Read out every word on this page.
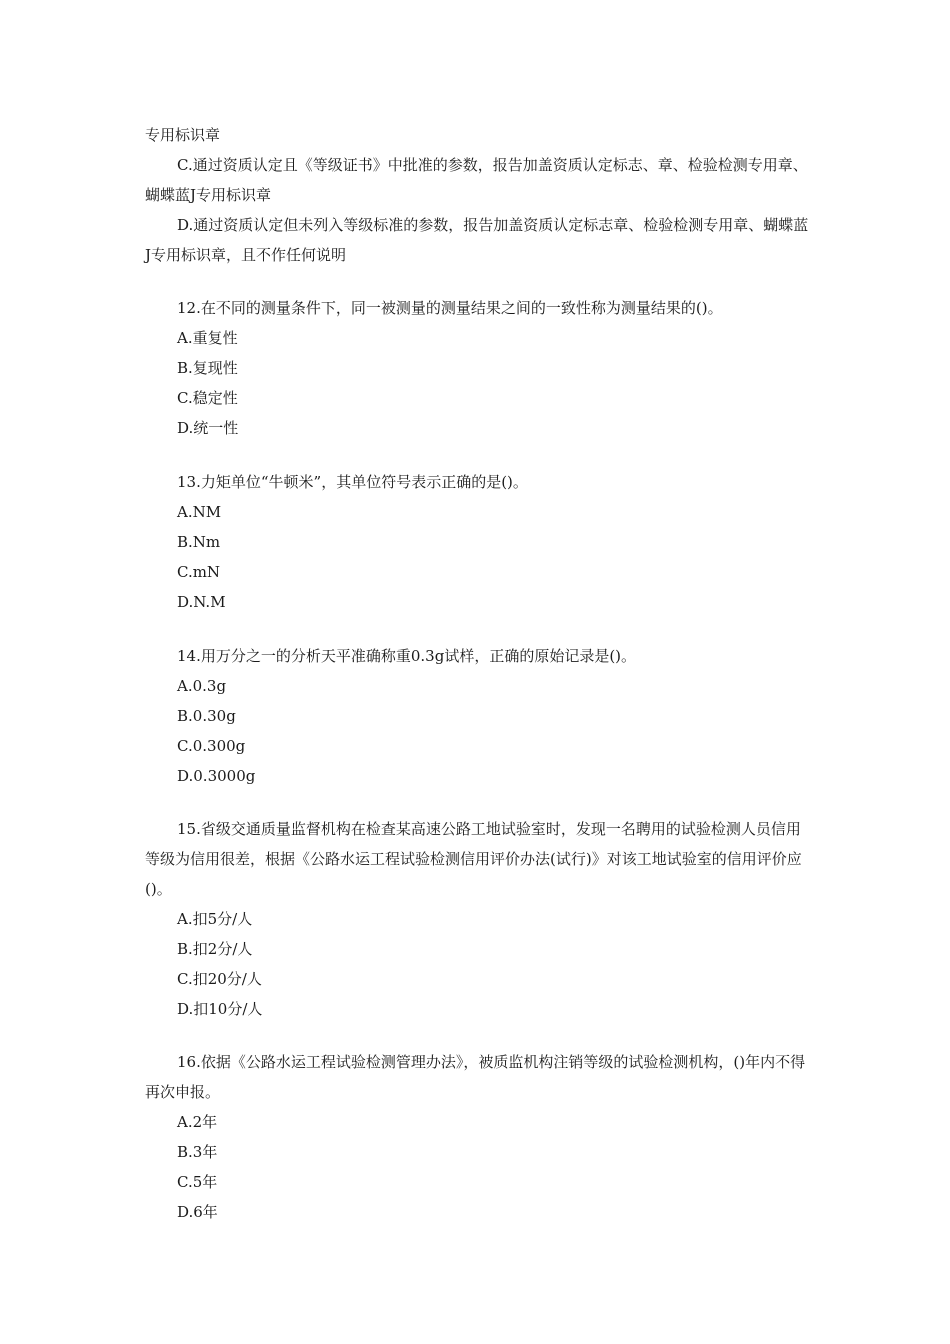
专用标识章

C.通过资质认定且《等级证书》中批准的参数，报告加盖资质认定标志、章、检验检测专用章、蝴蝶蓝J专用标识章

D.通过资质认定但未列入等级标准的参数，报告加盖资质认定标志章、检验检测专用章、蝴蝶蓝J专用标识章，且不作任何说明

12.在不同的测量条件下，同一被测量的测量结果之间的一致性称为测量结果的()。

A.重复性

B.复现性

C.稳定性

D.统一性

13.力矩单位“牛顿米”，其单位符号表示正确的是()。

A.NM

B.Nm

C.mN

D.N.M

14.用万分之一的分析天平准确称重0.3g试样，正确的原始记录是()。

A.0.3g

B.0.30g

C.0.300g

D.0.3000g

15.省级交通质量监督机构在检查某高速公路工地试验室时，发现一名聘用的试验检测人员信用等级为信用很差，根据《公路水运工程试验检测信用评价办法(试行)》对该工地试验室的信用评价应()。

A.扣5分/人

B.扣2分/人

C.扣20分/人

D.扣10分/人

16.依据《公路水运工程试验检测管理办法》，被质监机构注销等级的试验检测机构，()年内不得再次申报。

A.2年

B.3年

C.5年

D.6年
